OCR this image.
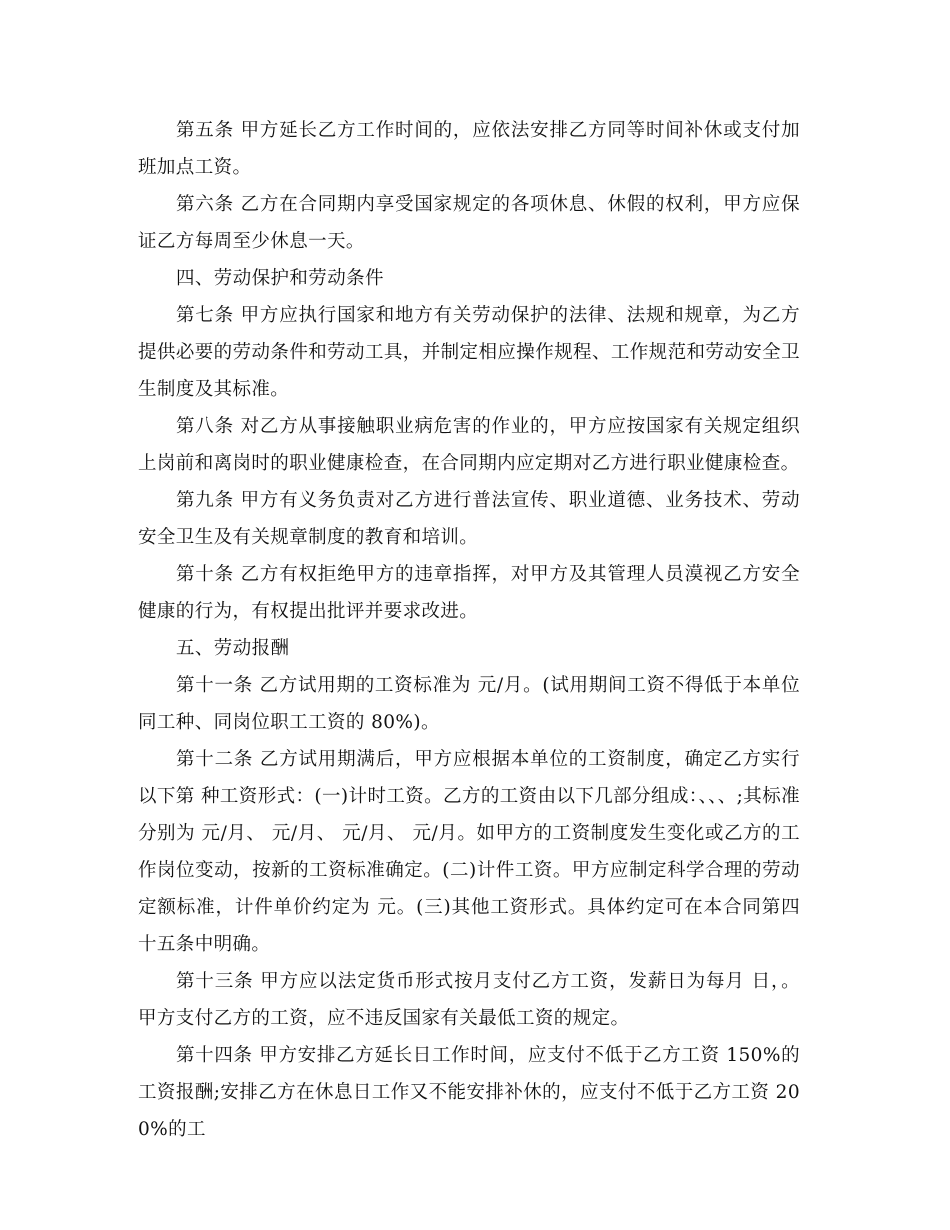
第五条 甲方延长乙方工作时间的，应依法安排乙方同等时间补休或支付加班加点工资。

第六条 乙方在合同期内享受国家规定的各项休息、休假的权利，甲方应保证乙方每周至少休息一天。

四、劳动保护和劳动条件

第七条 甲方应执行国家和地方有关劳动保护的法律、法规和规章，为乙方提供必要的劳动条件和劳动工具，并制定相应操作规程、工作规范和劳动安全卫生制度及其标准。

第八条 对乙方从事接触职业病危害的作业的，甲方应按国家有关规定组织上岗前和离岗时的职业健康检查，在合同期内应定期对乙方进行职业健康检查。

第九条 甲方有义务负责对乙方进行普法宣传、职业道德、业务技术、劳动安全卫生及有关规章制度的教育和培训。

第十条 乙方有权拒绝甲方的违章指挥，对甲方及其管理人员漠视乙方安全健康的行为，有权提出批评并要求改进。

五、劳动报酬

第十一条 乙方试用期的工资标准为 元/月。(试用期间工资不得低于本单位同工种、同岗位职工工资的 80%)。

第十二条 乙方试用期满后，甲方应根据本单位的工资制度，确定乙方实行以下第 种工资形式：(一)计时工资。乙方的工资由以下几部分组成：、、、;其标准分别为 元/月、 元/月、 元/月、 元/月。如甲方的工资制度发生变化或乙方的工作岗位变动，按新的工资标准确定。(二)计件工资。甲方应制定科学合理的劳动定额标准，计件单价约定为 元。(三)其他工资形式。具体约定可在本合同第四十五条中明确。

第十三条 甲方应以法定货币形式按月支付乙方工资，发薪日为每月 日，。甲方支付乙方的工资，应不违反国家有关最低工资的规定。

第十四条 甲方安排乙方延长日工作时间，应支付不低于乙方工资 150%的工资报酬;安排乙方在休息日工作又不能安排补休的，应支付不低于乙方工资 200%的工
